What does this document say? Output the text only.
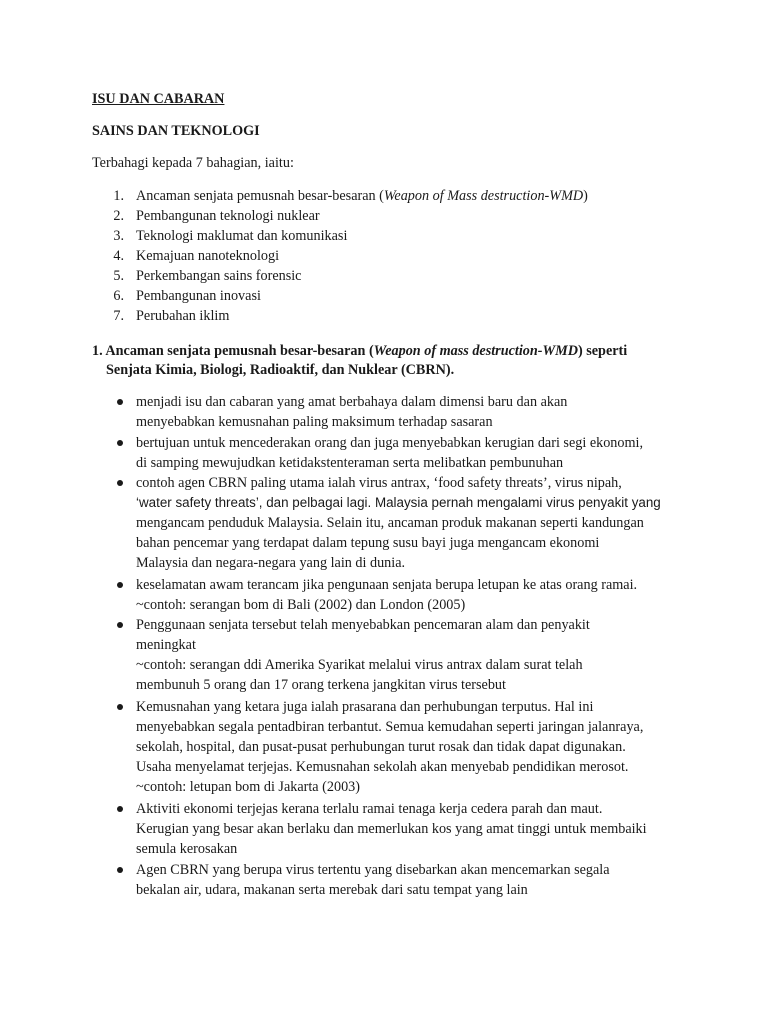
ISU DAN CABARAN

SAINS DAN TEKNOLOGI

Terbahagi kepada 7 bahagian, iaitu:

1. Ancaman senjata pemusnah besar-besaran (Weapon of Mass destruction-WMD)

2. Pembangunan teknologi nuklear

3. Teknologi maklumat dan komunikasi

4. Kemajuan nanoteknologi

5. Perkembangan sains forensic

6. Pembangunan inovasi

7. Perubahan iklim

1. Ancaman senjata pemusnah besar-besaran (Weapon of mass destruction-WMD) seperti

Senjata Kimia, Biologi, Radioaktif, dan Nuklear (CBRN).

menjadi isu dan cabaran yang amat berbahaya dalam dimensi baru dan akan

menyebabkan kemusnahan paling maksimum terhadap sasaran

bertujuan untuk mencederakan orang dan juga menyebabkan kerugian dari segi ekonomi,

di samping mewujudkan ketidakstenteraman serta melibatkan pembunuhan

contoh agen CBRN paling utama ialah virus antrax, ‘food safety threats’, virus nipah,

‘water safety threats’, dan pelbagai lagi. Malaysia pernah mengalami virus penyakit yang

mengancam penduduk Malaysia. Selain itu, ancaman produk makanan seperti kandungan

bahan pencemar yang terdapat dalam tepung susu bayi juga mengancam ekonomi

Malaysia dan negara-negara yang lain di dunia.

keselamatan awam terancam jika pengunaan senjata berupa letupan ke atas orang ramai.

~contoh: serangan bom di Bali (2002) dan London (2005)

Penggunaan senjata tersebut telah menyebabkan pencemaran alam dan penyakit

meningkat

~contoh: serangan ddi Amerika Syarikat melalui virus antrax dalam surat telah

membunuh 5 orang dan 17 orang terkena jangkitan virus tersebut

Kemusnahan yang ketara juga ialah prasarana dan perhubungan terputus. Hal ini

menyebabkan segala pentadbiran terbantut. Semua kemudahan seperti jaringan jalanraya,

sekolah, hospital, dan pusat-pusat perhubungan turut rosak dan tidak dapat digunakan.

Usaha menyelamat terjejas. Kemusnahan sekolah akan menyebab pendidikan merosot.

~contoh: letupan bom di Jakarta (2003)

Aktiviti ekonomi terjejas kerana terlalu ramai tenaga kerja cedera parah dan maut.

Kerugian yang besar akan berlaku dan memerlukan kos yang amat tinggi untuk membaiki

semula kerosakan

Agen CBRN yang berupa virus tertentu yang disebarkan akan mencemarkan segala

bekalan air, udara, makanan serta merebak dari satu tempat yang lain
